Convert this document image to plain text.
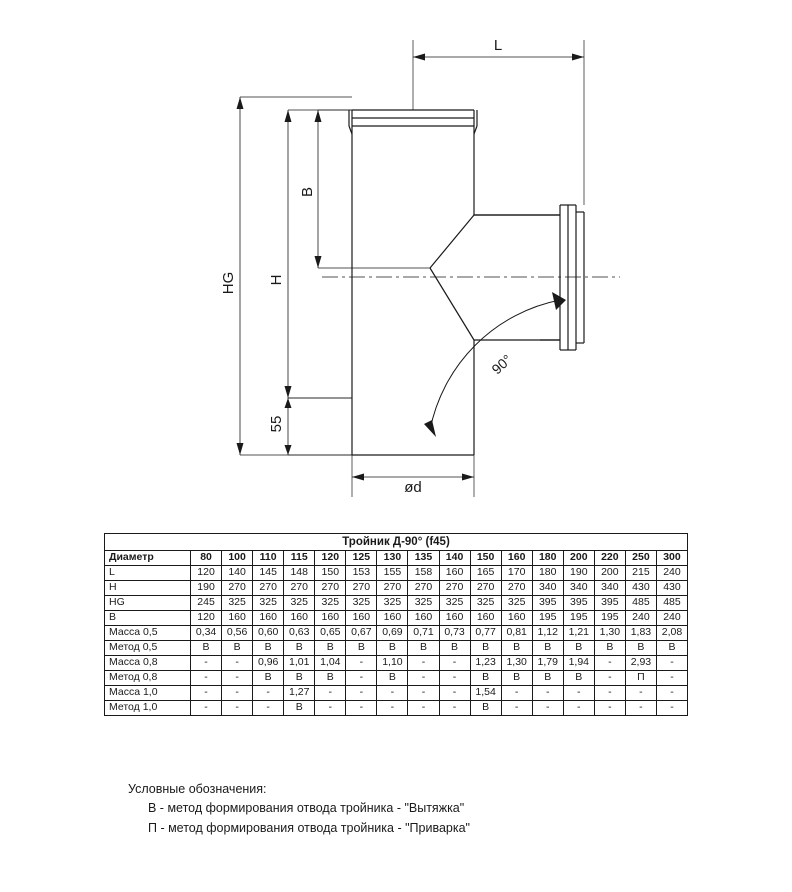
L
B
H
HG
55
ød
90°
Тройник Д-90° (f45)																
Диаметр	80	100	110	115	120	125	130	135	140	150	160	180	200	220	250	300
L	120	140	145	148	150	153	155	158	160	165	170	180	190	200	215	240
H	190	270	270	270	270	270	270	270	270	270	270	340	340	340	430	430
HG	245	325	325	325	325	325	325	325	325	325	325	395	395	395	485	485
B	120	160	160	160	160	160	160	160	160	160	160	195	195	195	240	240
Масса 0,5	0,34	0,56	0,60	0,63	0,65	0,67	0,69	0,71	0,73	0,77	0,81	1,12	1,21	1,30	1,83	2,08
Метод 0,5	В	В	В	В	В	В	В	В	В	В	В	В	В	В	В	В
Масса 0,8	-	-	0,96	1,01	1,04	-	1,10	-	-	1,23	1,30	1,79	1,94	-	2,93	-
Метод 0,8	-	-	В	В	В	-	В	-	-	В	В	В	В	-	П	-
Масса 1,0	-	-	-	1,27	-	-	-	-	-	1,54	-	-	-	-	-	-
Метод 1,0	-	-	-	В	-	-	-	-	-	В	-	-	-	-	-	-
Условные обозначения:
В - метод формирования отвода тройника - "Вытяжка"
П - метод формирования отвода тройника - "Приварка"
